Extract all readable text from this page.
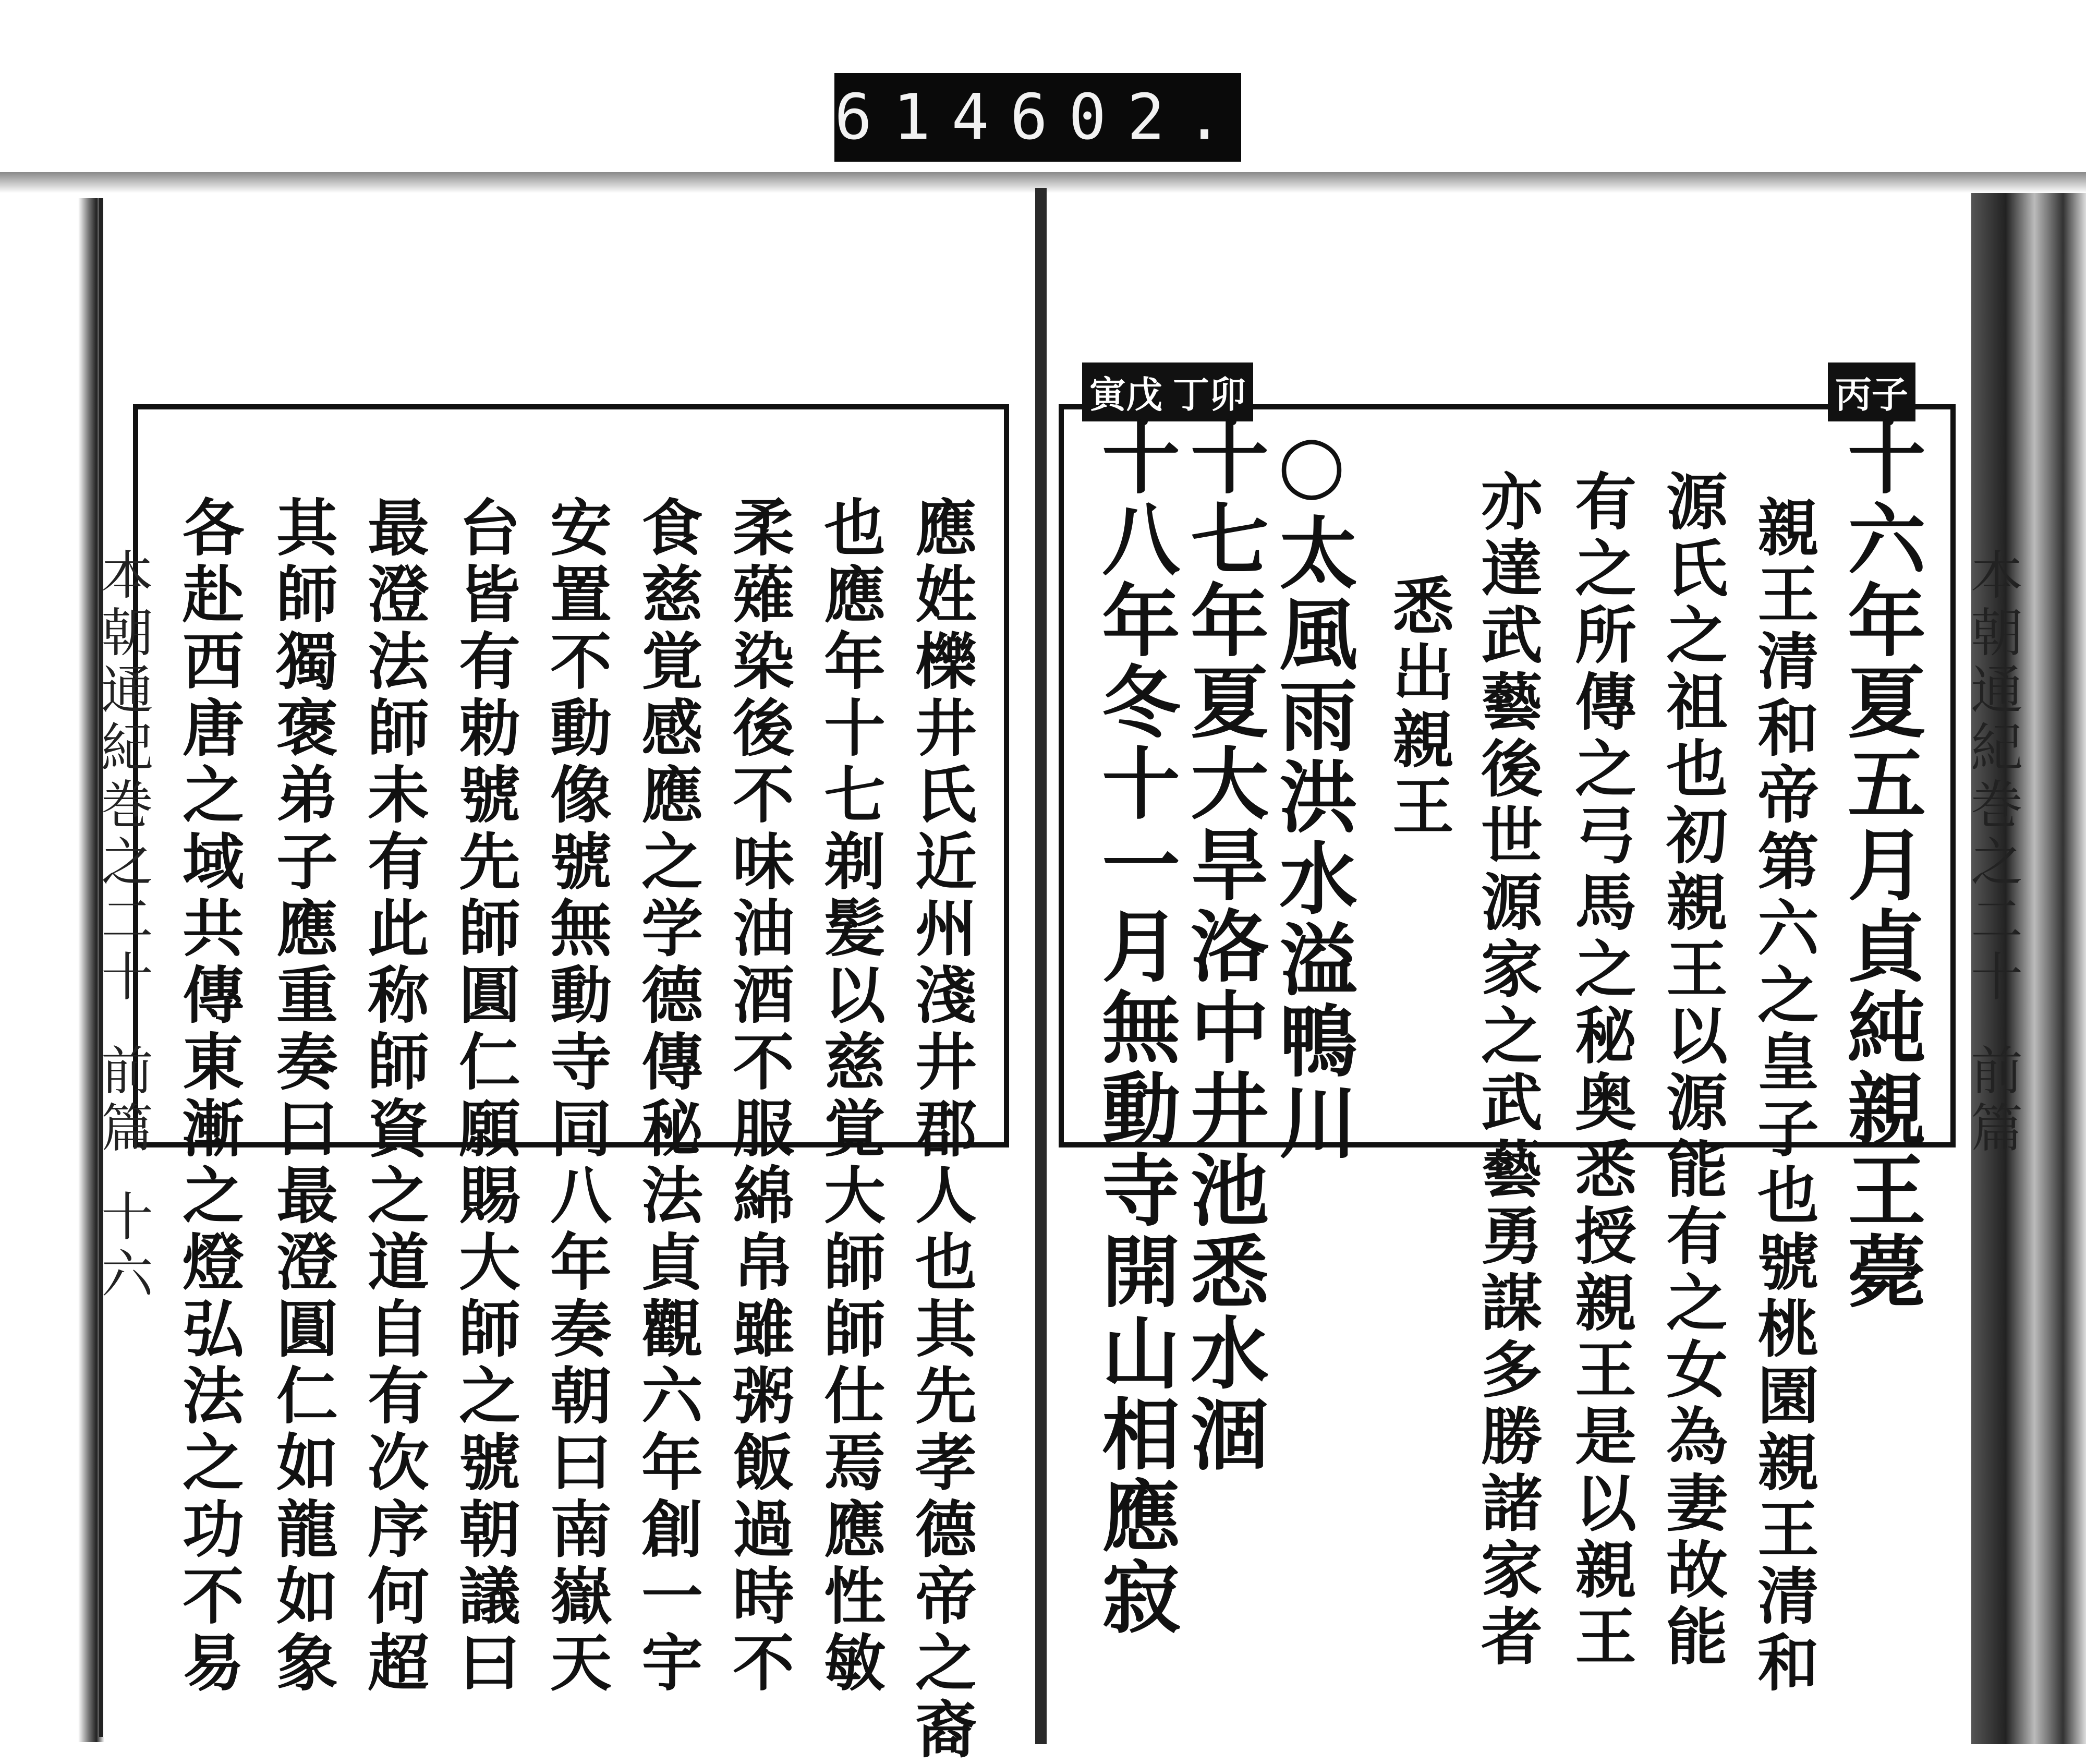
614 602.
寅戊 丁卯	丙子
本朝通紀巻之二十
前篇
十六年夏五月貞純親王薨
親王清和帝第六之皇子也號桃園親王清和
源氏之祖也初親王以源能有之女為妻故能
有之所傳之弓馬之秘奥悉授親王是以親王
亦達武藝後世源家之武藝勇謀多勝諸家者
悉出親王
○太風雨洪水溢鴨川
十七年夏大旱洛中井池悉水涸
十八年冬十一月無動寺開山相應寂
本朝通紀巻之二十
前篇
十六	應姓櫟井氏近州淺井郡人也其先孝德帝之裔
也應年十七剃髪以慈覚大師師仕焉應性敏
柔薙染後不味油酒不服綿帛雖粥飯過時不
食慈覚感應之学德傳秘法貞觀六年創一宇
安置不動像號無動寺同八年奏朝曰南嶽天
台皆有勅號先師圓仁願賜大師之號朝議曰
最澄法師未有此称師資之道自有次序何超
其師獨褒弟子應重奏曰最澄圓仁如龍如象
各赴西唐之域共傳東漸之燈弘法之功不易
